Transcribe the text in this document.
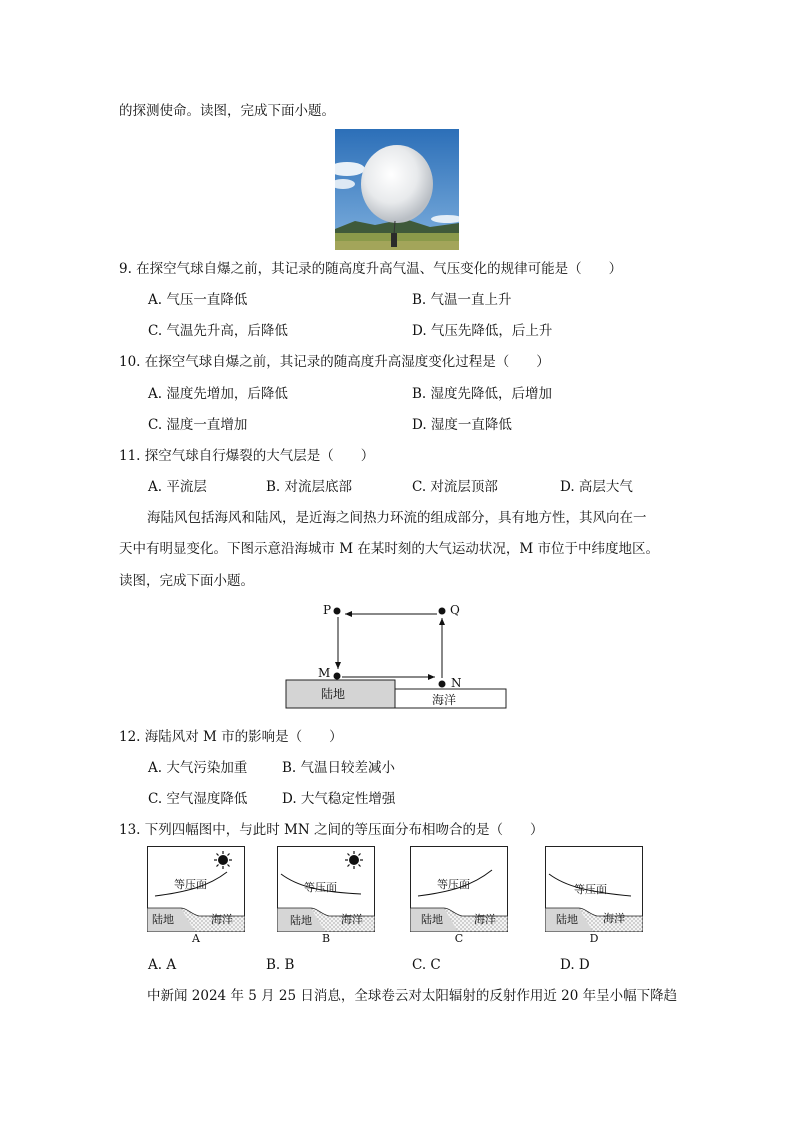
的探测使命。读图，完成下面小题。
9. 在探空气球自爆之前，其记录的随高度升高气温、气压变化的规律可能是（　　）
A. 气压一直降低	B. 气温一直上升
C. 气温先升高，后降低	D. 气压先降低，后上升
10. 在探空气球自爆之前，其记录的随高度升高湿度变化过程是（　　）
A. 湿度先增加，后降低	B. 湿度先降低，后增加
C. 湿度一直增加	D. 湿度一直降低
11. 探空气球自行爆裂的大气层是（　　）
A. 平流层	B. 对流层底部	C. 对流层顶部	D. 高层大气
海陆风包括海风和陆风，是近海之间热力环流的组成部分，具有地方性，其风向在一
天中有明显变化。下图示意沿海城市 M 在某时刻的大气运动状况，M 市位于中纬度地区。
读图，完成下面小题。
P	Q
M
N
陆地	海洋
12. 海陆风对 M 市的影响是（　　）
A. 大气污染加重	B. 气温日较差减小
C. 空气湿度降低	D. 大气稳定性增强
13. 下列四幅图中，与此时 MN 之间的等压面分布相吻合的是（　　）
等压面
陆地	海洋
A
等压面
陆地	海洋
B
等压面
陆地	海洋
C
等压面
陆地 海洋
D
A. A	B. B	C. C	D. D
中新闻 2024 年 5 月 25 日消息，全球卷云对太阳辐射的反射作用近 20 年呈小幅下降趋
